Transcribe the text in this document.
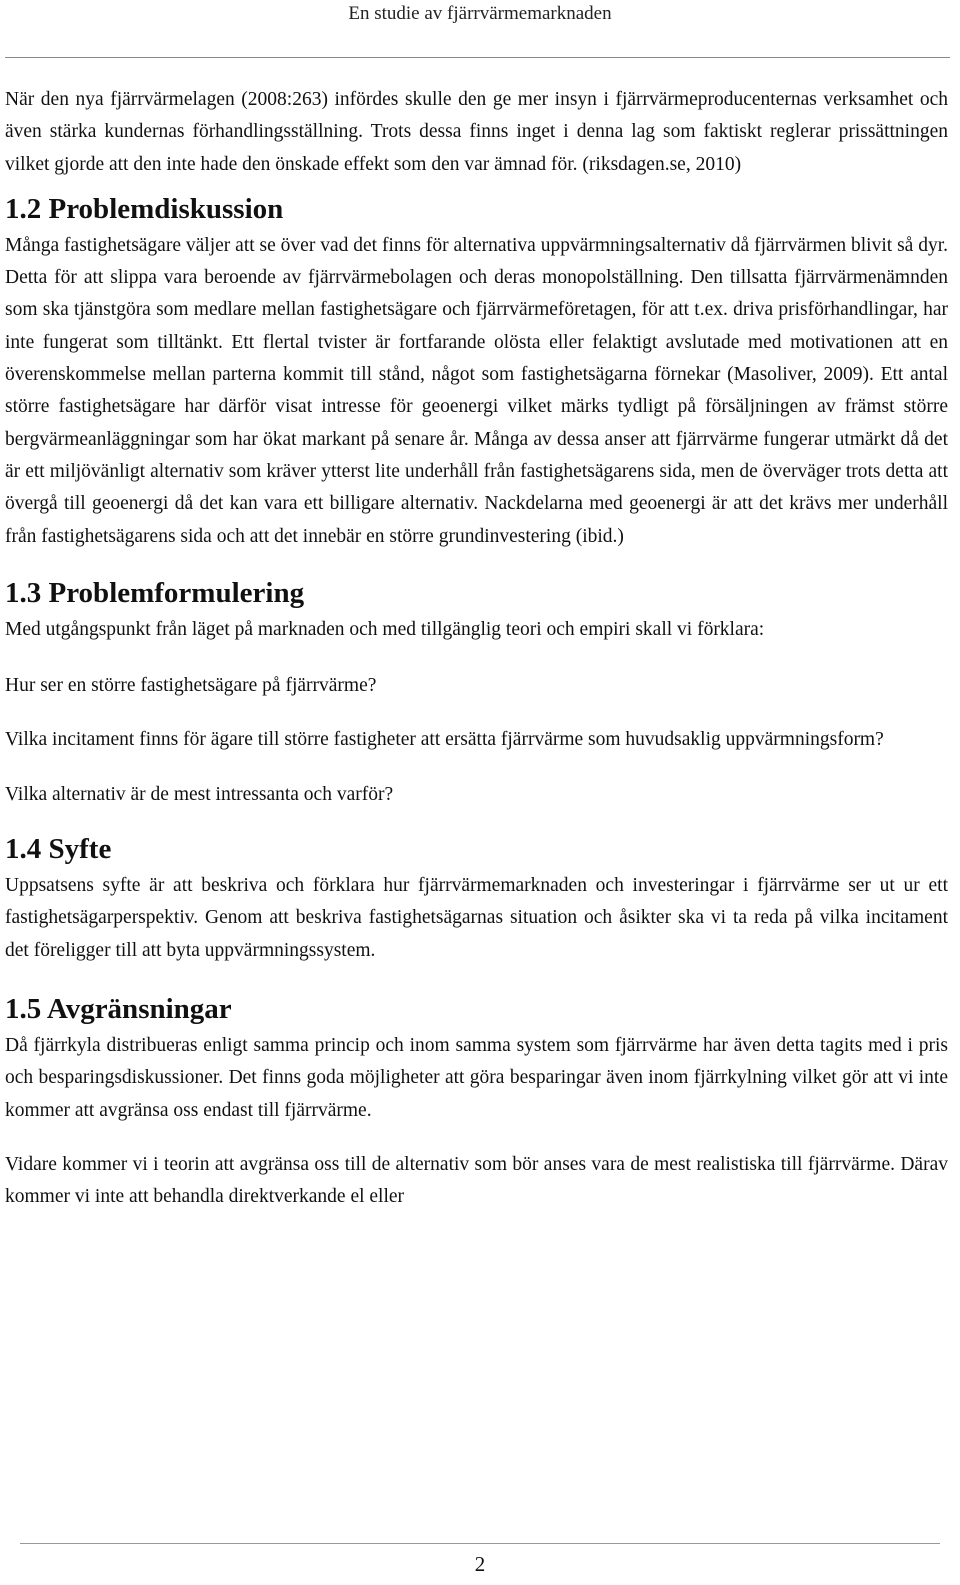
En studie av fjärrvärmemarknaden

När den nya fjärrvärmelagen (2008:263) infördes skulle den ge mer insyn i fjärrvärmeproducenternas verksamhet och även stärka kundernas förhandlingsställning. Trots dessa finns inget i denna lag som faktiskt reglerar prissättningen vilket gjorde att den inte hade den önskade effekt som den var ämnad för. (riksdagen.se, 2010)

1.2 Problemdiskussion

Många fastighetsägare väljer att se över vad det finns för alternativa uppvärmningsalternativ då fjärrvärmen blivit så dyr. Detta för att slippa vara beroende av fjärrvärmebolagen och deras monopolställning. Den tillsatta fjärrvärmenämnden som ska tjänstgöra som medlare mellan fastighetsägare och fjärrvärmeföretagen, för att t.ex. driva prisförhandlingar, har inte fungerat som tilltänkt. Ett flertal tvister är fortfarande olösta eller felaktigt avslutade med motivationen att en överenskommelse mellan parterna kommit till stånd, något som fastighetsägarna förnekar (Masoliver, 2009). Ett antal större fastighetsägare har därför visat intresse för geoenergi vilket märks tydligt på försäljningen av främst större bergvärmeanläggningar som har ökat markant på senare år. Många av dessa anser att fjärrvärme fungerar utmärkt då det är ett miljövänligt alternativ som kräver ytterst lite underhåll från fastighetsägarens sida, men de överväger trots detta att övergå till geoenergi då det kan vara ett billigare alternativ. Nackdelarna med geoenergi är att det krävs mer underhåll från fastighetsägarens sida och att det innebär en större grundinvestering (ibid.)

1.3 Problemformulering

Med utgångspunkt från läget på marknaden och med tillgänglig teori och empiri skall vi förklara:

Hur ser en större fastighetsägare på fjärrvärme?

Vilka incitament finns för ägare till större fastigheter att ersätta fjärrvärme som huvudsaklig uppvärmningsform?

Vilka alternativ är de mest intressanta och varför?

1.4 Syfte

Uppsatsens syfte är att beskriva och förklara hur fjärrvärmemarknaden och investeringar i fjärrvärme ser ut ur ett fastighetsägarperspektiv. Genom att beskriva fastighetsägarnas situation och åsikter ska vi ta reda på vilka incitament det föreligger till att byta uppvärmningssystem.

1.5 Avgränsningar

Då fjärrkyla distribueras enligt samma princip och inom samma system som fjärrvärme har även detta tagits med i pris och besparingsdiskussioner. Det finns goda möjligheter att göra besparingar även inom fjärrkylning vilket gör att vi inte kommer att avgränsa oss endast till fjärrvärme.

Vidare kommer vi i teorin att avgränsa oss till de alternativ som bör anses vara de mest realistiska till fjärrvärme. Därav kommer vi inte att behandla direktverkande el eller

2
